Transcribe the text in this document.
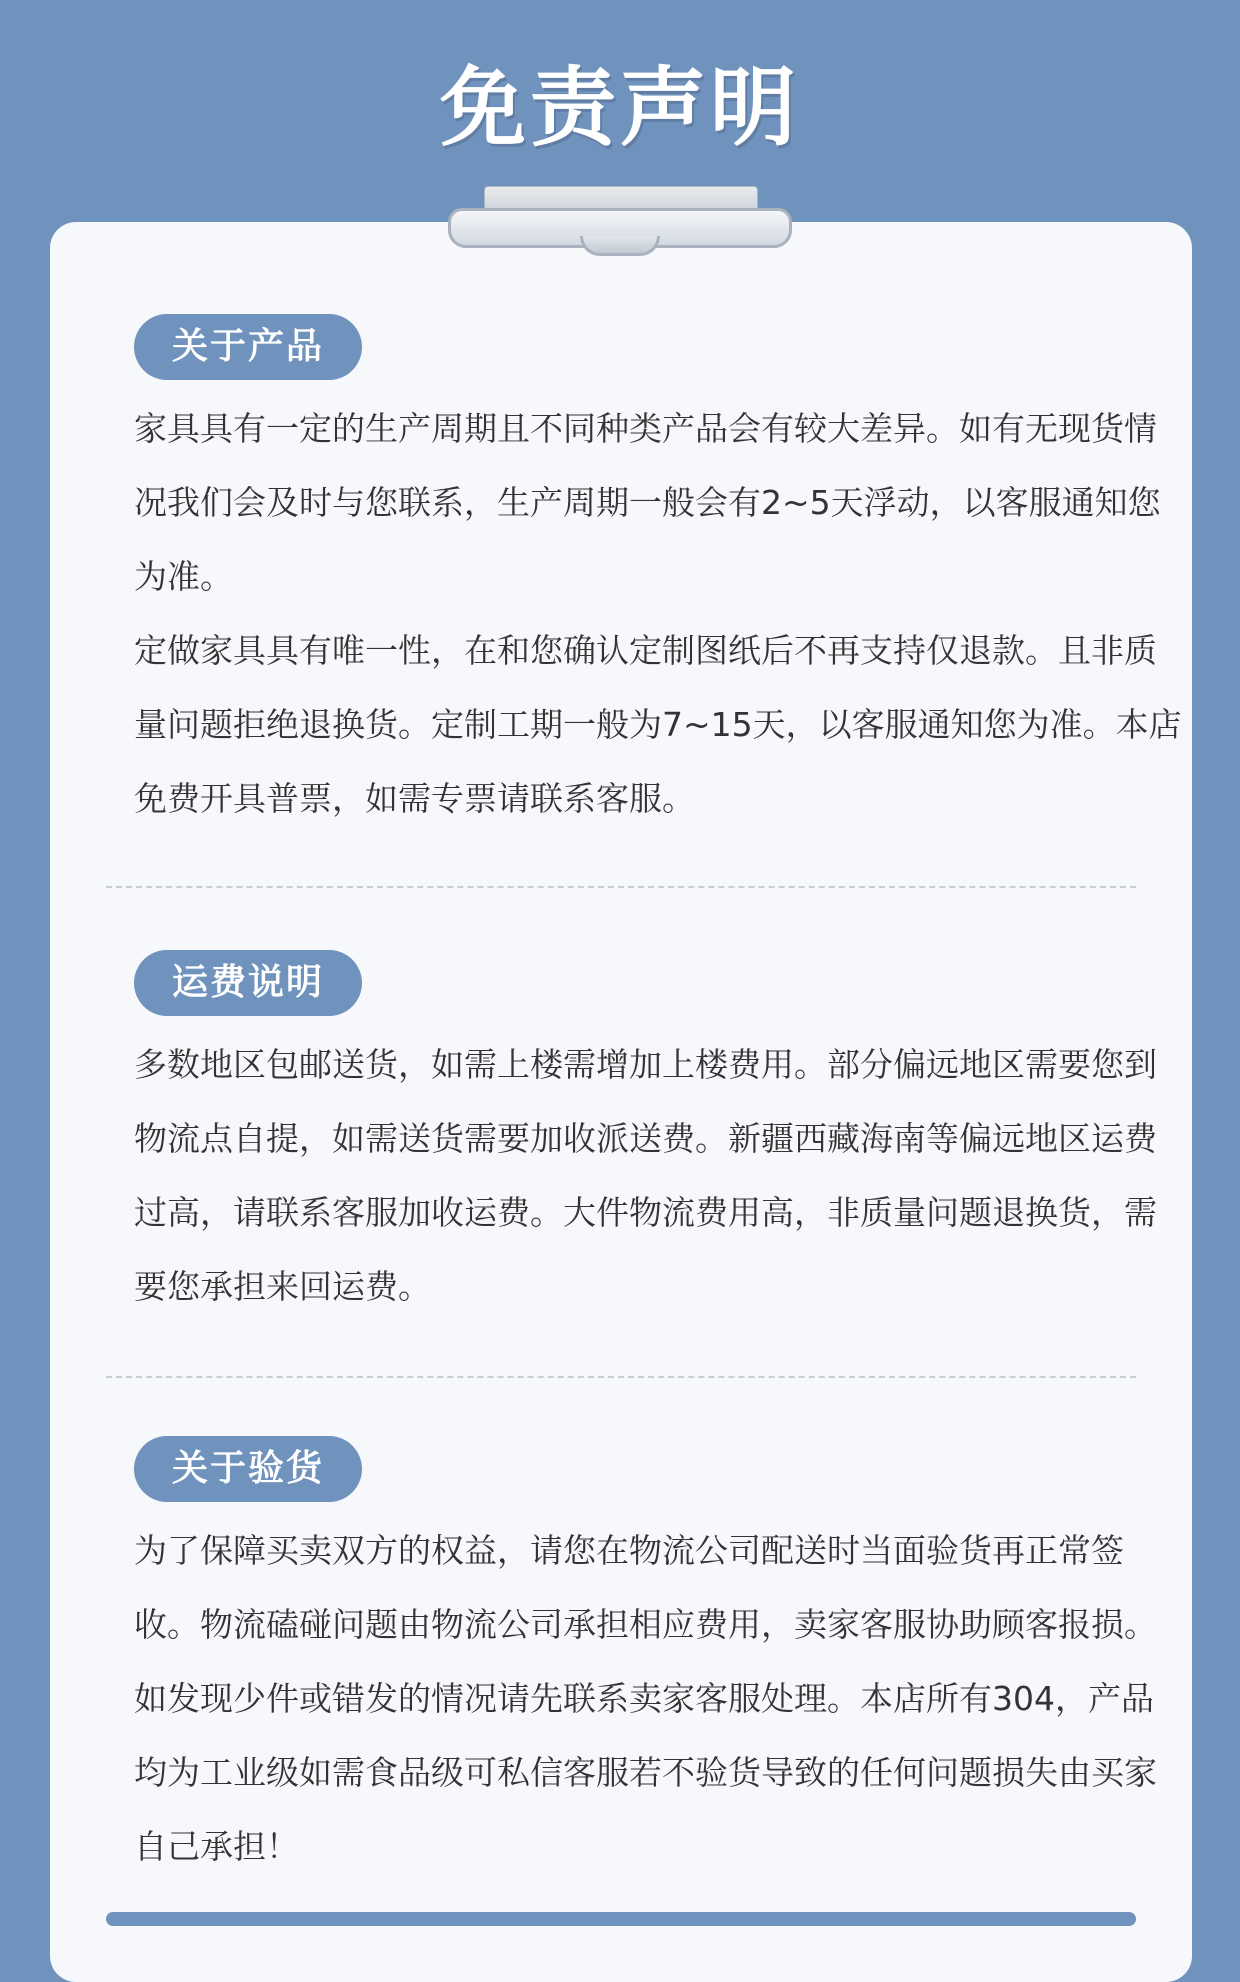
免责声明
关于产品

家具具有一定的生产周期且不同种类产品会有较大差异。如有无现货情况我们会及时与您联系，生产周期一般会有2~5天浮动，以客服通知您为准。

定做家具具有唯一性，在和您确认定制图纸后不再支持仅退款。且非质量问题拒绝退换货。定制工期一般为7~15天，以客服通知您为准。本店免费开具普票，如需专票请联系客服。

运费说明

多数地区包邮送货，如需上楼需增加上楼费用。部分偏远地区需要您到物流点自提，如需送货需要加收派送费。新疆西藏海南等偏远地区运费过高，请联系客服加收运费。大件物流费用高，非质量问题退换货，需要您承担来回运费。

关于验货

为了保障买卖双方的权益，请您在物流公司配送时当面验货再正常签收。物流磕碰问题由物流公司承担相应费用，卖家客服协助顾客报损。如发现少件或错发的情况请先联系卖家客服处理。本店所有304，产品均为工业级如需食品级可私信客服若不验货导致的任何问题损失由买家自己承担！
